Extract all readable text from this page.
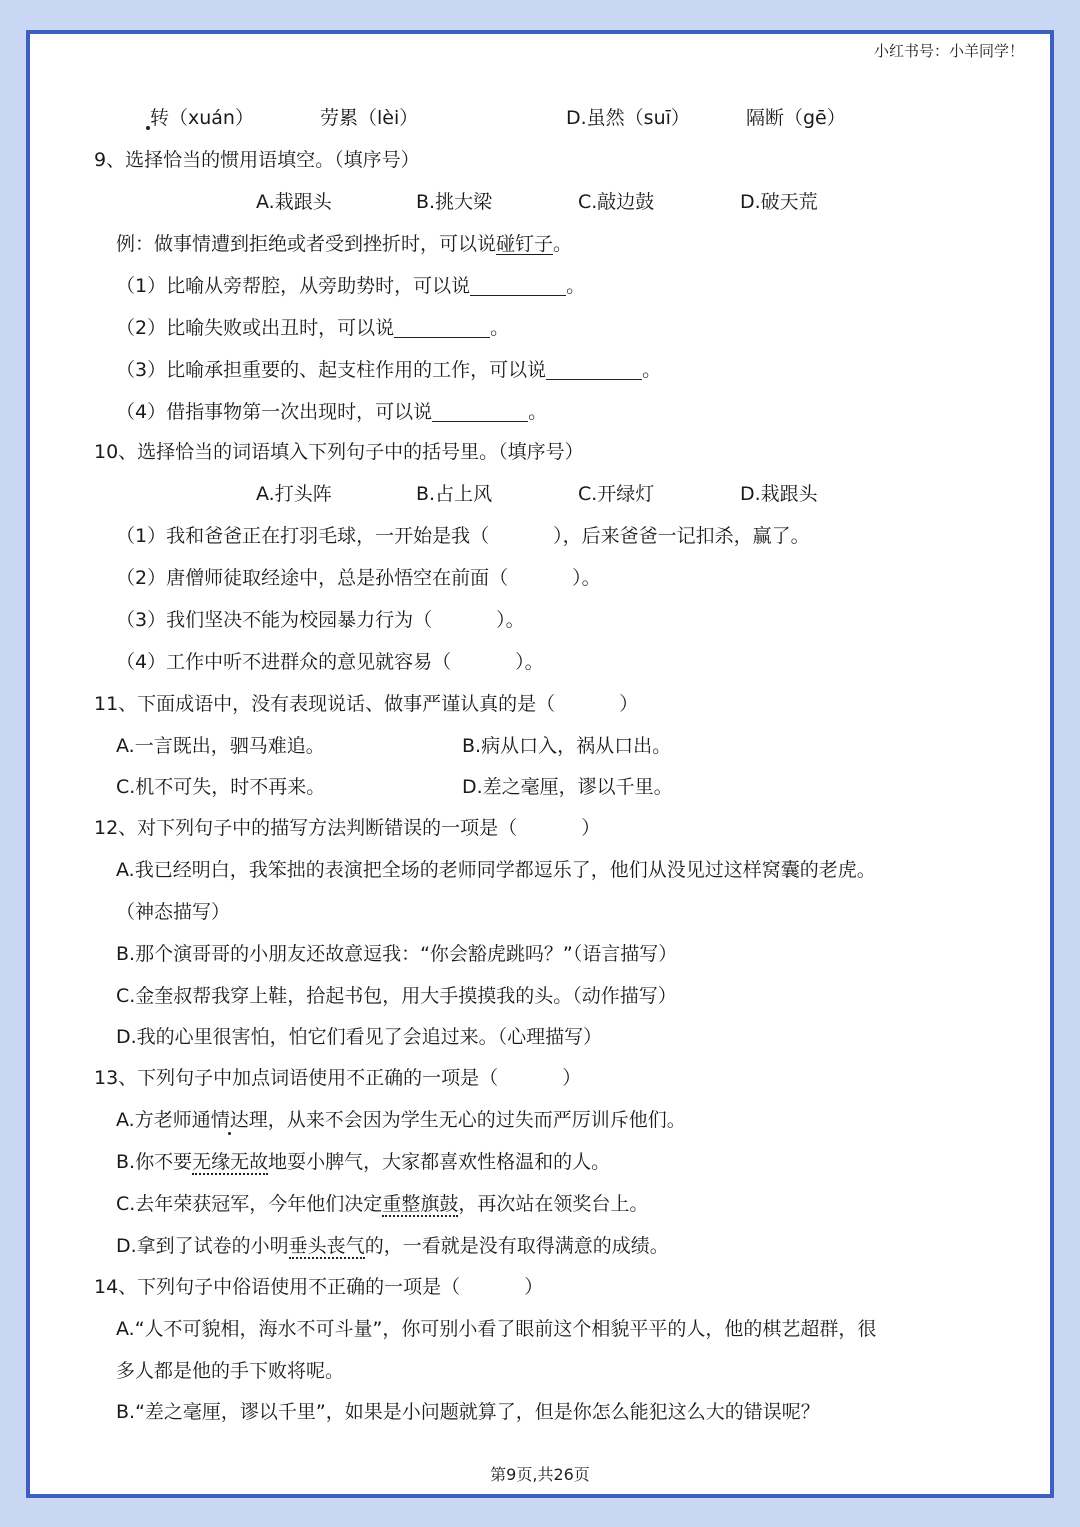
小红书号：小羊同学！
转（xuán）	劳累（lèi）	D.虽然（suī）	隔断（gē）
9、选择恰当的惯用语填空。（填序号）
A.栽跟头	B.挑大梁	C.敲边鼓	D.破天荒
例：做事情遭到拒绝或者受到挫折时，可以说碰钉子。
（1）比喻从旁帮腔，从旁助势时，可以说	。
（2）比喻失败或出丑时，可以说	。
（3）比喻承担重要的、起支柱作用的工作，可以说	。
（4）借指事物第一次出现时，可以说	。
10、选择恰当的词语填入下列句子中的括号里。（填序号）
A.打头阵	B.占上风	C.开绿灯	D.栽跟头
（1）我和爸爸正在打羽毛球，一开始是我（	），后来爸爸一记扣杀，赢了。
（2）唐僧师徒取经途中，总是孙悟空在前面（	）。
（3）我们坚决不能为校园暴力行为（	）。
（4）工作中听不进群众的意见就容易（	）。
11、下面成语中，没有表现说话、做事严谨认真的是（	）
A.一言既出，驷马难追。	B.病从口入，祸从口出。
C.机不可失，时不再来。	D.差之毫厘，谬以千里。
12、对下列句子中的描写方法判断错误的一项是（	）
A.我已经明白，我笨拙的表演把全场的老师同学都逗乐了，他们从没见过这样窝囊的老虎。
（神态描写）
B.那个演哥哥的小朋友还故意逗我：“你会豁虎跳吗？”（语言描写）
C.金奎叔帮我穿上鞋，拾起书包，用大手摸摸我的头。（动作描写）
D.我的心里很害怕，怕它们看见了会追过来。（心理描写）
13、下列句子中加点词语使用不正确的一项是（	）
A.方老师通情达理，从来不会因为学生无心的过失而严厉训斥他们。
B.你不要无缘无故地耍小脾气，大家都喜欢性格温和的人。
C.去年荣获冠军，今年他们决定重整旗鼓，再次站在领奖台上。
D.拿到了试卷的小明垂头丧气的，一看就是没有取得满意的成绩。
14、下列句子中俗语使用不正确的一项是（	）
A.“人不可貌相，海水不可斗量”，你可别小看了眼前这个相貌平平的人，他的棋艺超群，很
多人都是他的手下败将呢。
B.“差之毫厘，谬以千里”，如果是小问题就算了，但是你怎么能犯这么大的错误呢？
第9页,共26页
